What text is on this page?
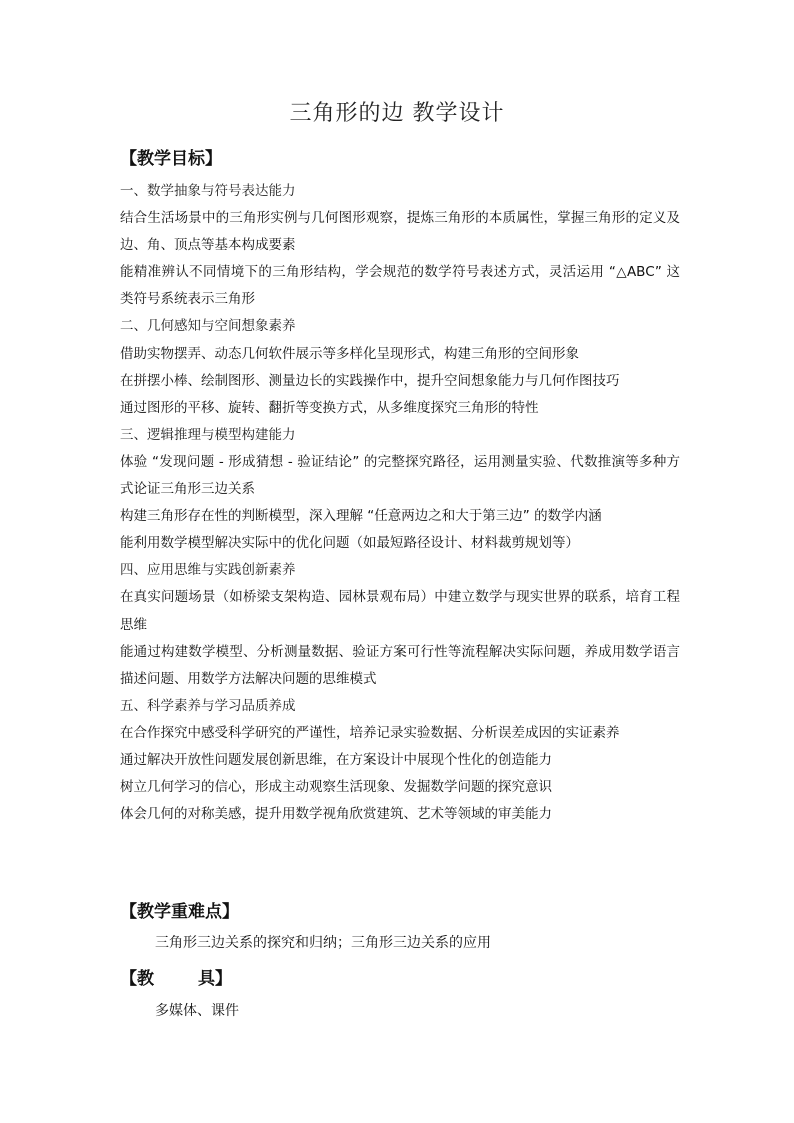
三角形的边 教学设计
【教学目标】

一、数学抽象与符号表达能力

结合生活场景中的三角形实例与几何图形观察，提炼三角形的本质属性，掌握三角形的定义及边、角、顶点等基本构成要素

能精准辨认不同情境下的三角形结构，学会规范的数学符号表述方式，灵活运用 “△ABC” 这类符号系统表示三角形

二、几何感知与空间想象素养

借助实物摆弄、动态几何软件展示等多样化呈现形式，构建三角形的空间形象

在拼摆小棒、绘制图形、测量边长的实践操作中，提升空间想象能力与几何作图技巧

通过图形的平移、旋转、翻折等变换方式，从多维度探究三角形的特性

三、逻辑推理与模型构建能力

体验 “发现问题 - 形成猜想 - 验证结论” 的完整探究路径，运用测量实验、代数推演等多种方式论证三角形三边关系

构建三角形存在性的判断模型，深入理解 “任意两边之和大于第三边” 的数学内涵

能利用数学模型解决实际中的优化问题（如最短路径设计、材料裁剪规划等）

四、应用思维与实践创新素养

在真实问题场景（如桥梁支架构造、园林景观布局）中建立数学与现实世界的联系，培育工程思维

能通过构建数学模型、分析测量数据、验证方案可行性等流程解决实际问题，养成用数学语言描述问题、用数学方法解决问题的思维模式

五、科学素养与学习品质养成

在合作探究中感受科学研究的严谨性，培养记录实验数据、分析误差成因的实证素养

通过解决开放性问题发展创新思维，在方案设计中展现个性化的创造能力

树立几何学习的信心，形成主动观察生活现象、发掘数学问题的探究意识

体会几何的对称美感，提升用数学视角欣赏建筑、艺术等领域的审美能力

【教学重难点】

三角形三边关系的探究和归纳；三角形三边关系的应用

【教	具】

多媒体、课件
